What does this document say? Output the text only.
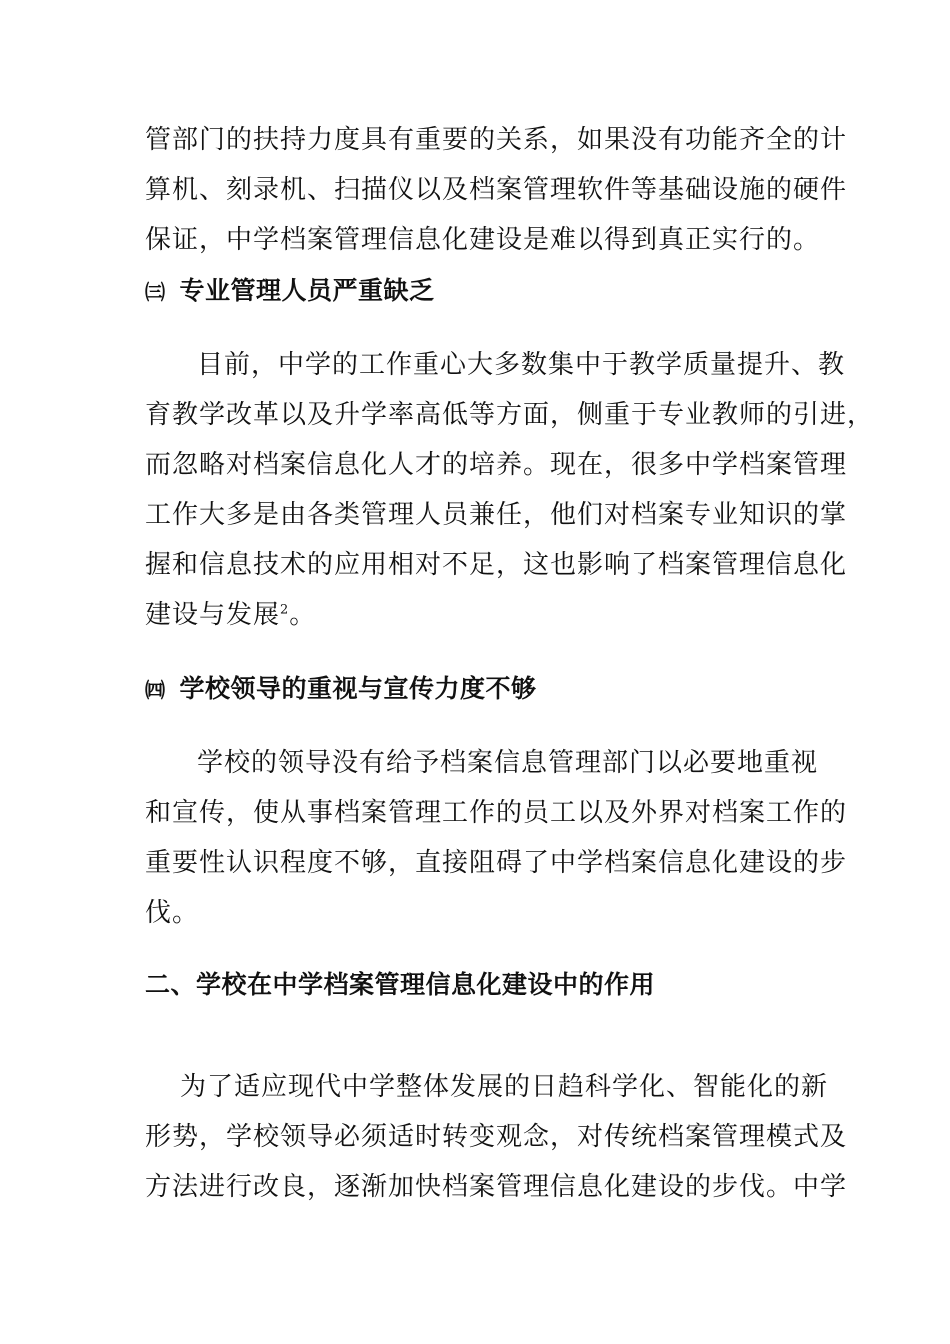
管部门的扶持力度具有重要的关系，如果没有功能齐全的计
算机、刻录机、扫描仪以及档案管理软件等基础设施的硬件
保证，中学档案管理信息化建设是难以得到真正实行的。
㈢ 专业管理人员严重缺乏
目前，中学的工作重心大多数集中于教学质量提升、教
育教学改革以及升学率高低等方面，侧重于专业教师的引进，
而忽略对档案信息化人才的培养。现在，很多中学档案管理
工作大多是由各类管理人员兼任，他们对档案专业知识的掌
握和信息技术的应用相对不足，这也影响了档案管理信息化
建设与发展$^2$。
㈣ 学校领导的重视与宣传力度不够
学校的领导没有给予档案信息管理部门以必要地重视
和宣传，使从事档案管理工作的员工以及外界对档案工作的
重要性认识程度不够，直接阻碍了中学档案信息化建设的步
伐。
二、学校在中学档案管理信息化建设中的作用
为了适应现代中学整体发展的日趋科学化、智能化的新
形势，学校领导必须适时转变观念，对传统档案管理模式及
方法进行改良，逐渐加快档案管理信息化建设的步伐。中学
